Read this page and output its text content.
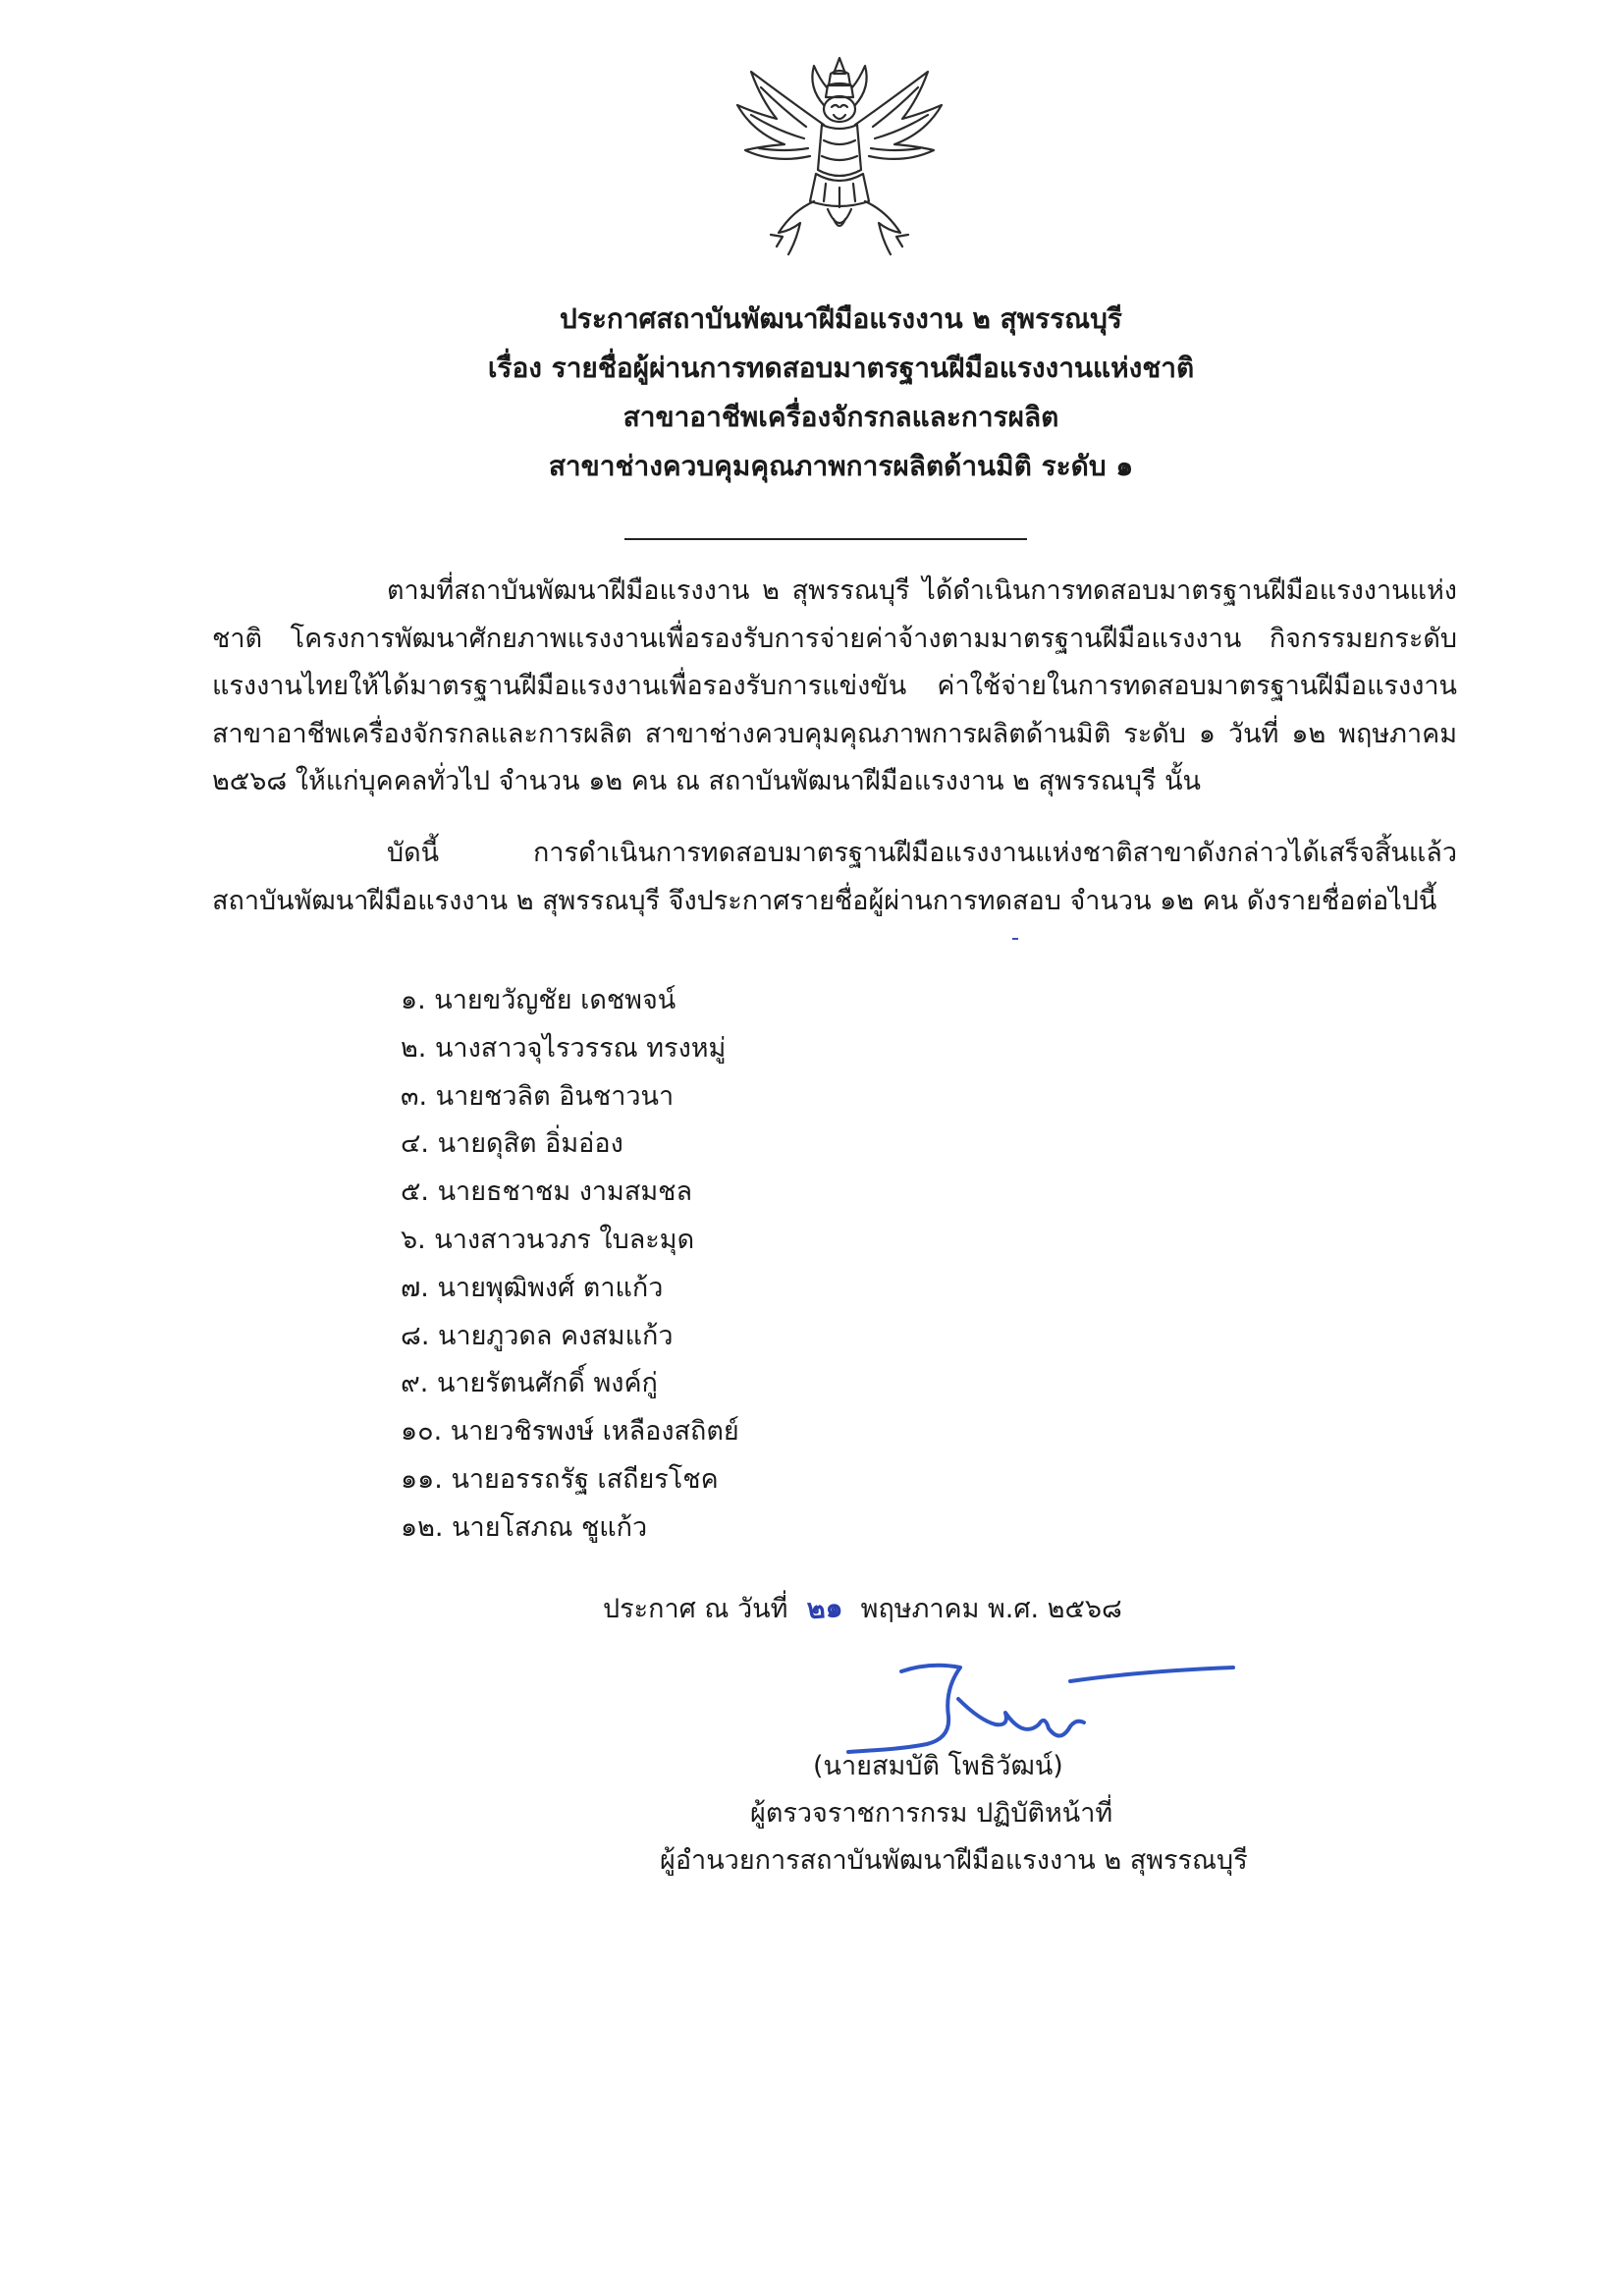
ประกาศสถาบันพัฒนาฝีมือแรงงาน ๒ สุพรรณบุรี
เรื่อง รายชื่อผู้ผ่านการทดสอบมาตรฐานฝีมือแรงงานแห่งชาติ
สาขาอาชีพเครื่องจักรกลและการผลิต
สาขาช่างควบคุมคุณภาพการผลิตด้านมิติ ระดับ ๑
ตามที่สถาบันพัฒนาฝีมือแรงงาน ๒ สุพรรณบุรี ได้ดำเนินการทดสอบมาตรฐานฝีมือแรงงานแห่งชาติ โครงการพัฒนาศักยภาพแรงงานเพื่อรองรับการจ่ายค่าจ้างตามมาตรฐานฝีมือแรงงาน กิจกรรมยกระดับแรงงานไทยให้ได้มาตรฐานฝีมือแรงงานเพื่อรองรับการแข่งขัน ค่าใช้จ่ายในการทดสอบมาตรฐานฝีมือแรงงาน สาขาอาชีพเครื่องจักรกลและการผลิต สาขาช่างควบคุมคุณภาพการผลิตด้านมิติ ระดับ ๑ วันที่ ๑๒ พฤษภาคม ๒๕๖๘ ให้แก่บุคคลทั่วไป จำนวน ๑๒ คน ณ สถาบันพัฒนาฝีมือแรงงาน ๒ สุพรรณบุรี นั้น
บัดนี้ การดำเนินการทดสอบมาตรฐานฝีมือแรงงานแห่งชาติสาขาดังกล่าวได้เสร็จสิ้นแล้ว สถาบันพัฒนาฝีมือแรงงาน ๒ สุพรรณบุรี จึงประกาศรายชื่อผู้ผ่านการทดสอบ จำนวน ๑๒ คน ดังรายชื่อต่อไปนี้
๑. นายขวัญชัย เดชพจน์
๒. นางสาวจุไรวรรณ ทรงหมู่
๓. นายชวลิต อินชาวนา
๔. นายดุสิต อิ่มอ่อง
๕. นายธชาชม งามสมชล
๖. นางสาวนวภร ใบละมุด
๗. นายพุฒิพงศ์ ตาแก้ว
๘. นายภูวดล คงสมแก้ว
๙. นายรัตนศักดิ์ พงค์กู่
๑๐. นายวชิรพงษ์ เหลืองสถิตย์
๑๑. นายอรรถรัฐ เสถียรโชค
๑๒. นายโสภณ ชูแก้ว
ประกาศ ณ วันที่ ๒๑ พฤษภาคม พ.ศ. ๒๕๖๘
(นายสมบัติ โพธิวัฒน์)
ผู้ตรวจราชการกรม ปฏิบัติหน้าที่
ผู้อำนวยการสถาบันพัฒนาฝีมือแรงงาน ๒ สุพรรณบุรี
